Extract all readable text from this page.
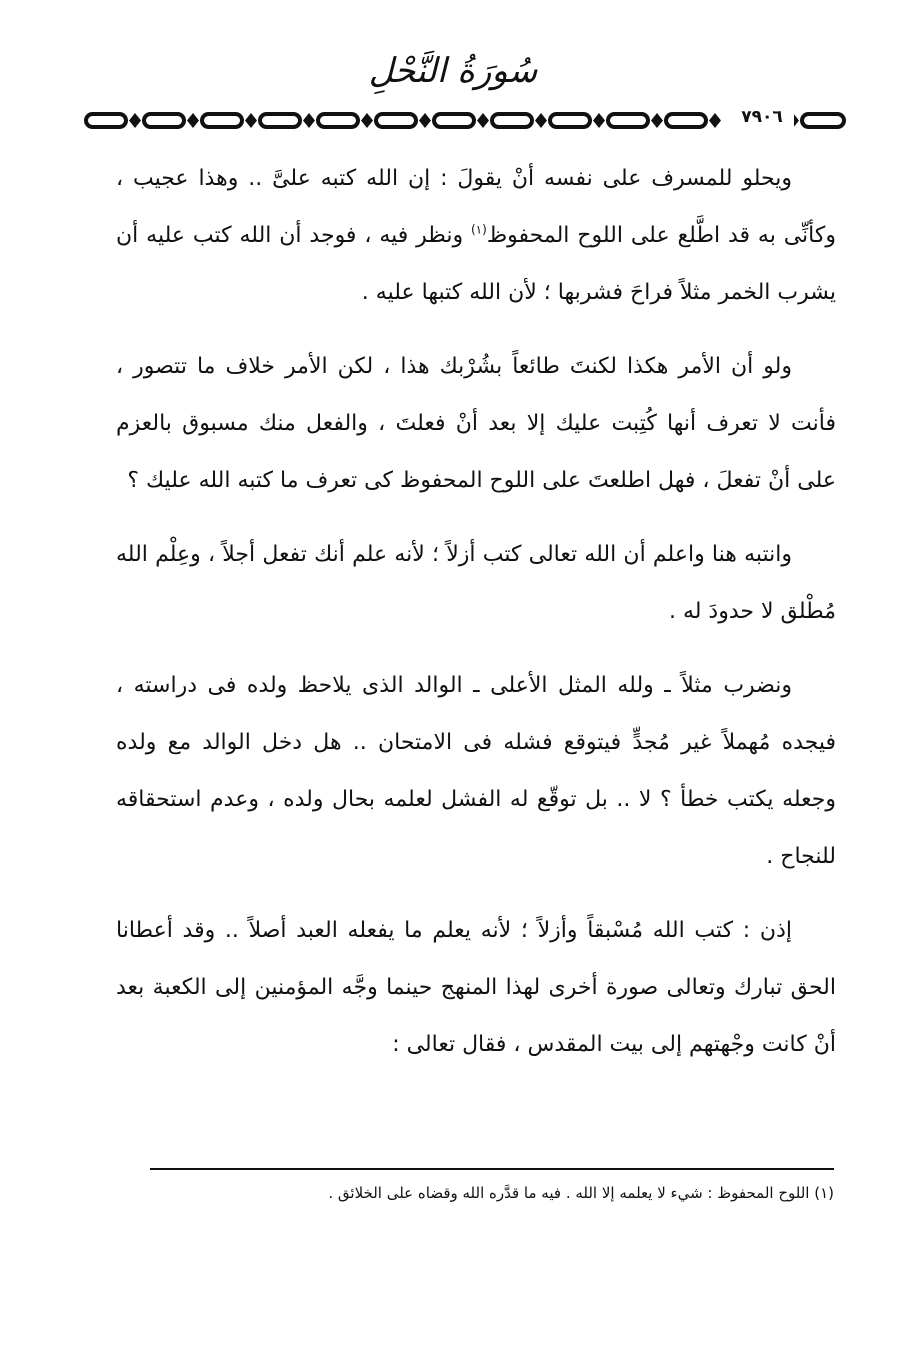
سُورَةُ النَّحْلِ
٧٩٠٦

ويحلو للمسرف على نفسه أنْ يقولَ : إن الله كتبه علىَّ .. وهذا عجيب ، وكأنِّى به قد اطَّلع على اللوح المحفوظ$^{(١)}$ ونظر فيه ، فوجد أن الله كتب عليه أن يشرب الخمر مثلاً فراحَ فشربها ؛ لأن الله كتبها عليه .

ولو أن الأمر هكذا لكنتَ طائعاً بشُرْبك هذا ، لكن الأمر خلاف ما تتصور ، فأنت لا تعرف أنها كُتِبت عليك إلا بعد أنْ فعلتَ ، والفعل منك مسبوق بالعزم على أنْ تفعلَ ، فهل اطلعتَ على اللوح المحفوظ كى تعرف ما كتبه الله عليك ؟

وانتبه هنا واعلم أن الله تعالى كتب أزلاً ؛ لأنه علم أنك تفعل أجلاً ، وعِلْم الله مُطْلق لا حدودَ له .

ونضرب مثلاً ـ ولله المثل الأعلى ـ الوالد الذى يلاحظ ولده فى دراسته ، فيجده مُهملاً غير مُجدٍّ فيتوقع فشله فى الامتحان .. هل دخل الوالد مع ولده وجعله يكتب خطأ ؟ لا .. بل توقّع له الفشل لعلمه بحال ولده ، وعدم استحقاقه للنجاح .

إذن : كتب الله مُسْبقاً وأزلاً ؛ لأنه يعلم ما يفعله العبد أصلاً .. وقد أعطانا الحق تبارك وتعالى صورة أخرى لهذا المنهج حينما وجَّه المؤمنين إلى الكعبة بعد أنْ كانت وجْهتهم إلى بيت المقدس ، فقال تعالى :

(١) اللوح المحفوظ : شيء لا يعلمه إلا الله . فيه ما قدَّره الله وقضاه على الخلائق .
